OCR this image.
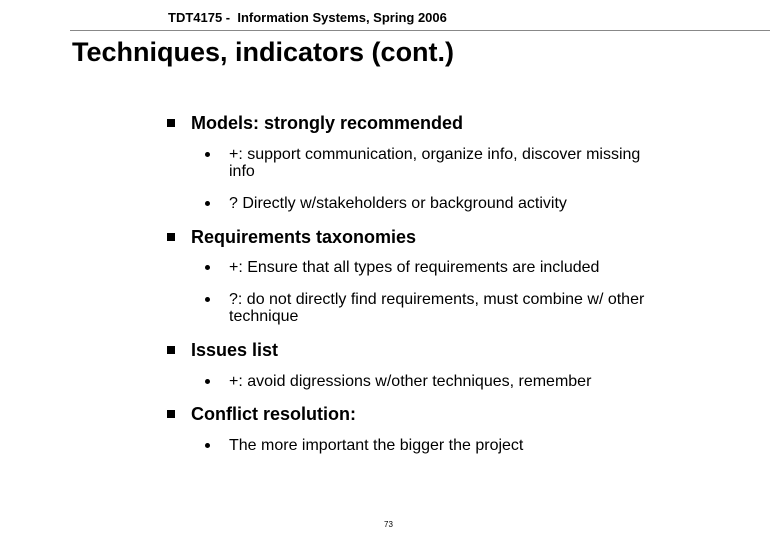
TDT4175 -  Information Systems, Spring 2006
Techniques, indicators (cont.)
Models: strongly recommended
+: support communication, organize info, discover missing info
? Directly w/stakeholders or background activity
Requirements taxonomies
+: Ensure that all types of requirements are included
?: do not directly find requirements, must combine w/ other technique
Issues list
+: avoid digressions w/other techniques, remember
Conflict resolution:
The more important the bigger the project
73
